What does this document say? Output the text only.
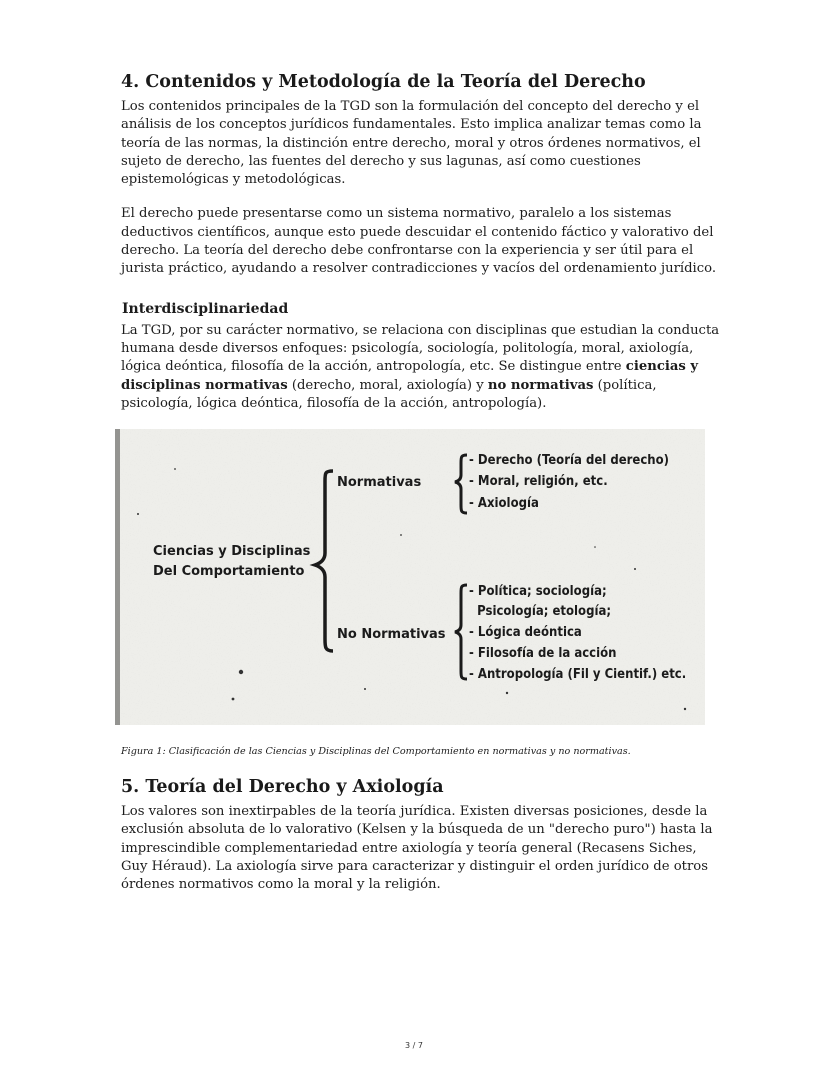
4. Contenidos y Metodología de la Teoría del Derecho

Los contenidos principales de la TGD son la formulación del concepto del derecho y el análisis de los conceptos jurídicos fundamentales. Esto implica analizar temas como la teoría de las normas, la distinción entre derecho, moral y otros órdenes normativos, el sujeto de derecho, las fuentes del derecho y sus lagunas, así como cuestiones epistemológicas y metodológicas.

El derecho puede presentarse como un sistema normativo, paralelo a los sistemas deductivos científicos, aunque esto puede descuidar el contenido fáctico y valorativo del derecho. La teoría del derecho debe confrontarse con la experiencia y ser útil para el jurista práctico, ayudando a resolver contradicciones y vacíos del ordenamiento jurídico.

Interdisciplinariedad

La TGD, por su carácter normativo, se relaciona con disciplinas que estudian la conducta humana desde diversos enfoques: psicología, sociología, politología, moral, axiología, lógica deóntica, filosofía de la acción, antropología, etc. Se distingue entre ciencias y disciplinas normativas (derecho, moral, axiología) y no normativas (política, psicología, lógica deóntica, filosofía de la acción, antropología).

Ciencias y Disciplinas
Del Comportamiento
Normativas
No Normativas
- Derecho (Teoría del derecho)
- Moral, religión, etc.
- Axiología
- Política; sociología;
Psicología; etología;
- Lógica deóntica
- Filosofía de la acción
- Antropología (Fil y Cientif.) etc.
Figura 1: Clasificación de las Ciencias y Disciplinas del Comportamiento en normativas y no normativas.
5. Teoría del Derecho y Axiología

Los valores son inextirpables de la teoría jurídica. Existen diversas posiciones, desde la exclusión absoluta de lo valorativo (Kelsen y la búsqueda de un "derecho puro") hasta la imprescindible complementariedad entre axiología y teoría general (Recasens Siches, Guy Héraud). La axiología sirve para caracterizar y distinguir el orden jurídico de otros órdenes normativos como la moral y la religión.

3 / 7
